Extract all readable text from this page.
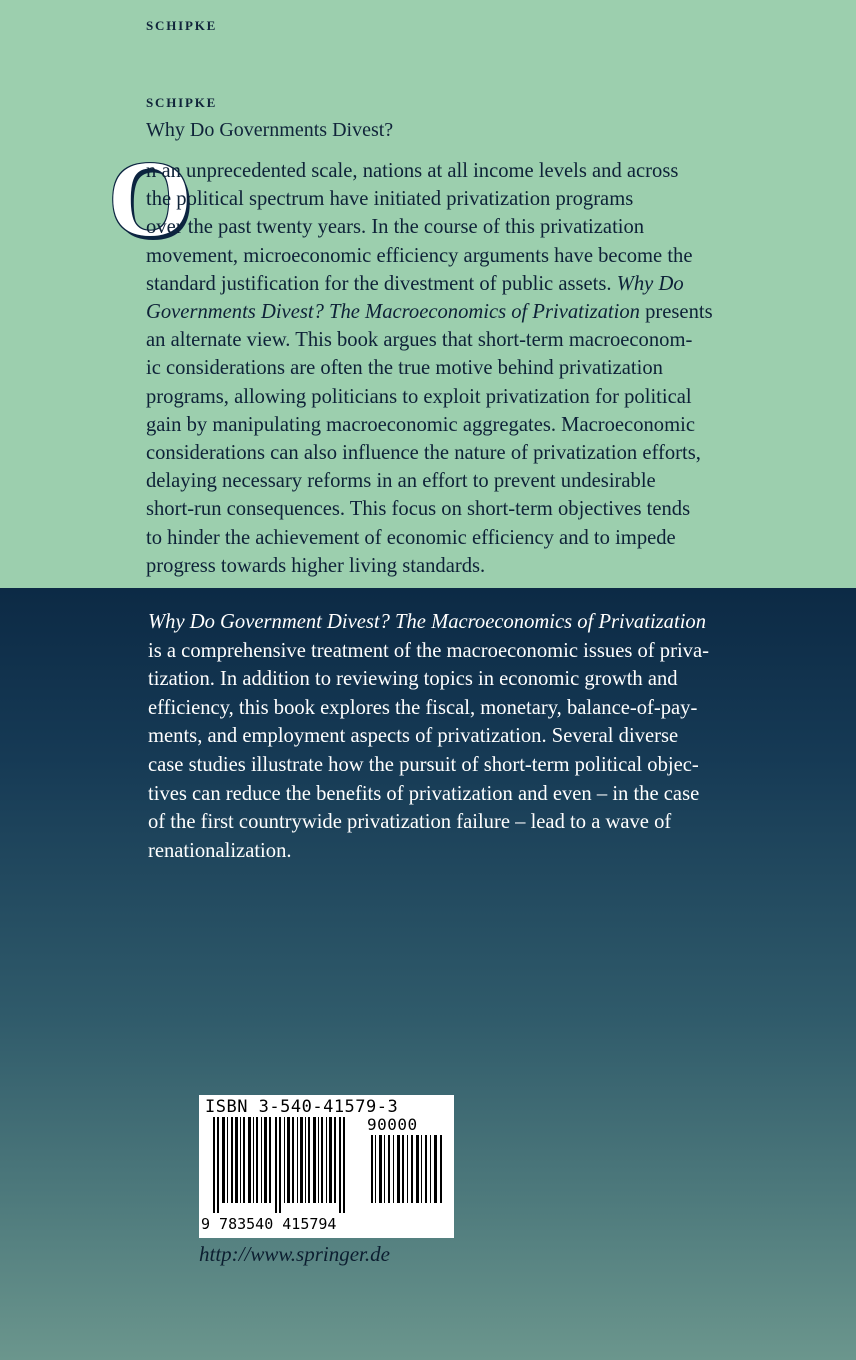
SCHIPKE
SCHIPKE
Why Do Governments Divest?
O
n an unprecedented scale, nations at all income levels and across
the political spectrum have initiated privatization programs
over the past twenty years. In the course of this privatization
movement, microeconomic efficiency arguments have become the
standard justification for the divestment of public assets. Why Do
Governments Divest? The Macroeconomics of Privatization presents
an alternate view. This book argues that short-term macroeconom-
ic considerations are often the true motive behind privatization
programs, allowing politicians to exploit privatization for political
gain by manipulating macroeconomic aggregates. Macroeconomic
considerations can also influence the nature of privatization efforts,
delaying necessary reforms in an effort to prevent undesirable
short-run consequences. This focus on short-term objectives tends
to hinder the achievement of economic efficiency and to impede
progress towards higher living standards.
Why Do Government Divest? The Macroeconomics of Privatization
is a comprehensive treatment of the macroeconomic issues of priva-
tization. In addition to reviewing topics in economic growth and
efficiency, this book explores the fiscal, monetary, balance-of-pay-
ments, and employment aspects of privatization. Several diverse
case studies illustrate how the pursuit of short-term political objec-
tives can reduce the benefits of privatization and even – in the case
of the first countrywide privatization failure – lead to a wave of
renationalization.
ISBN 3-540-41579-3
90000
9 783540 415794
http://www.springer.de
